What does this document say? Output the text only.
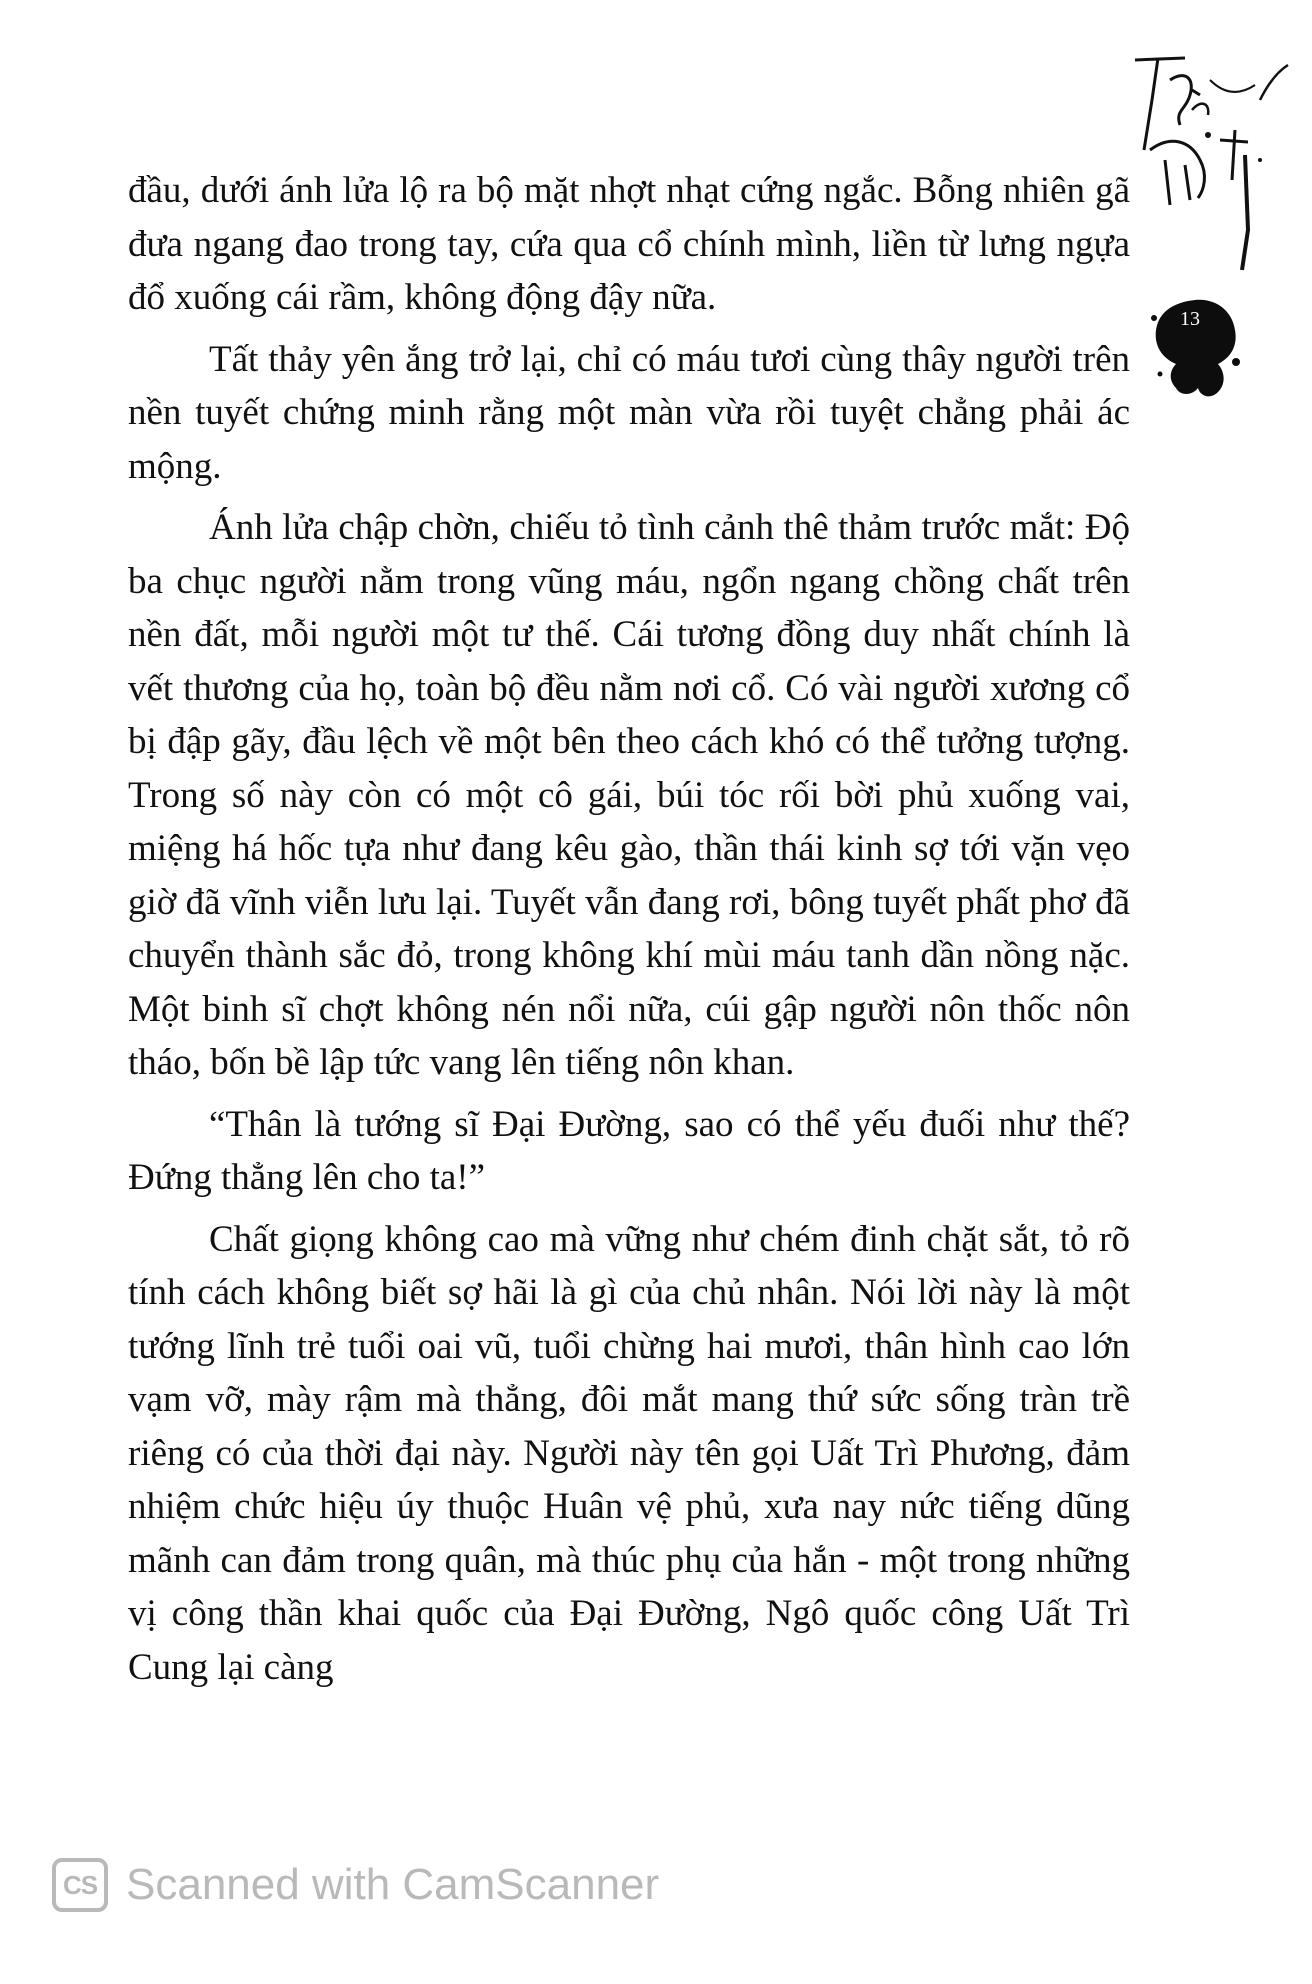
13

đầu, dưới ánh lửa lộ ra bộ mặt nhợt nhạt cứng ngắc. Bỗng nhiên gã đưa ngang đao trong tay, cứa qua cổ chính mình, liền từ lưng ngựa đổ xuống cái rầm, không động đậy nữa.

Tất thảy yên ắng trở lại, chỉ có máu tươi cùng thây người trên nền tuyết chứng minh rằng một màn vừa rồi tuyệt chẳng phải ác mộng.

Ánh lửa chập chờn, chiếu tỏ tình cảnh thê thảm trước mắt: Độ ba chục người nằm trong vũng máu, ngổn ngang chồng chất trên nền đất, mỗi người một tư thế. Cái tương đồng duy nhất chính là vết thương của họ, toàn bộ đều nằm nơi cổ. Có vài người xương cổ bị đập gãy, đầu lệch về một bên theo cách khó có thể tưởng tượng. Trong số này còn có một cô gái, búi tóc rối bời phủ xuống vai, miệng há hốc tựa như đang kêu gào, thần thái kinh sợ tới vặn vẹo giờ đã vĩnh viễn lưu lại. Tuyết vẫn đang rơi, bông tuyết phất phơ đã chuyển thành sắc đỏ, trong không khí mùi máu tanh dần nồng nặc. Một binh sĩ chợt không nén nổi nữa, cúi gập người nôn thốc nôn tháo, bốn bề lập tức vang lên tiếng nôn khan.

“Thân là tướng sĩ Đại Đường, sao có thể yếu đuối như thế? Đứng thẳng lên cho ta!”

Chất giọng không cao mà vững như chém đinh chặt sắt, tỏ rõ tính cách không biết sợ hãi là gì của chủ nhân. Nói lời này là một tướng lĩnh trẻ tuổi oai vũ, tuổi chừng hai mươi, thân hình cao lớn vạm vỡ, mày rậm mà thẳng, đôi mắt mang thứ sức sống tràn trề riêng có của thời đại này. Người này tên gọi Uất Trì Phương, đảm nhiệm chức hiệu úy thuộc Huân vệ phủ, xưa nay nức tiếng dũng mãnh can đảm trong quân, mà thúc phụ của hắn - một trong những vị công thần khai quốc của Đại Đường, Ngô quốc công Uất Trì Cung lại càng

CS Scanned with CamScanner
